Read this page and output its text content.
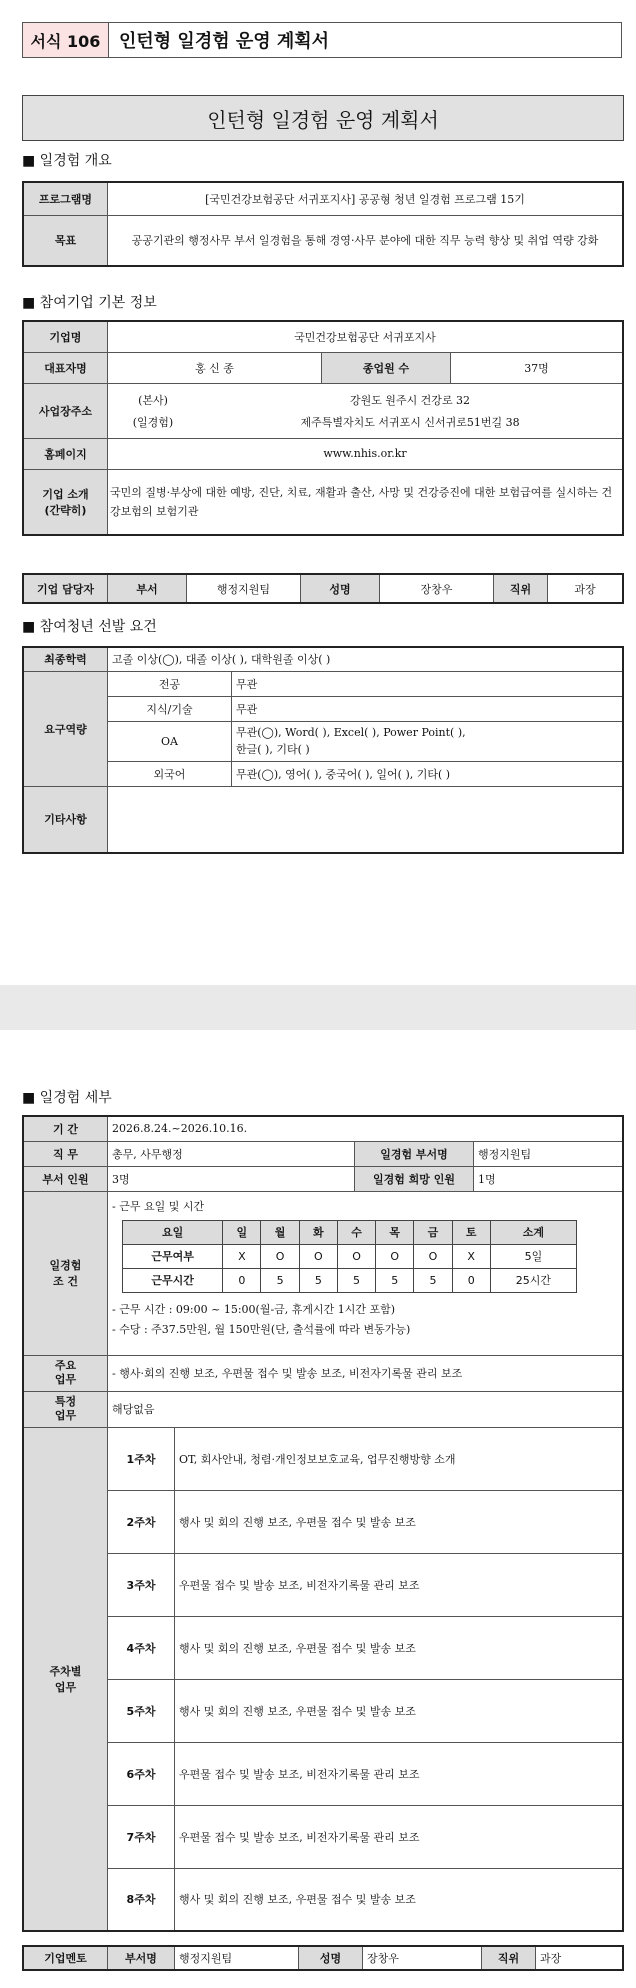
서식 106	인턴형 일경험 운영 계획서
인턴형 일경험 운영 계획서
■ 일경험 개요
프로그램명	[국민건강보험공단 서귀포지사] 공공형 청년 일경험 프로그램 15기
목표	공공기관의 행정사무 부서 일경험을 통해 경영·사무 분야에 대한 직무 능력 향상 및 취업 역량 강화
■ 참여기업 기본 정보
기업명	국민건강보험공단 서귀포지사		
대표자명	홍 신 종	종업원 수	37명
사업장주소	(본사) 강원도 원주시 건강로 32
(일경험) 제주특별자치도 서귀포시 신서귀로51번길 38		

홈페이지	www.nhis.or.kr		
기업 소개
(간략히)	국민의 질병·부상에 대한 예방, 진단, 치료, 재활과 출산, 사망 및 건강증진에 대한 보험급여를 실시하는 건강보험의 보험기관		
기업 담당자	부서	행정지원팀	성명	장창우	직위	과장
■ 참여청년 선발 요건
최종학력	고졸 이상(◯), 대졸 이상( ), 대학원졸 이상( )	
요구역량	전공	무관
	지식/기술	무관
	OA	무관(◯), Word( ), Excel( ), Power Point( ),
한글( ), 기타( )

	외국어	무관(◯), 영어( ), 중국어( ), 일어( ), 기타( )
기타사항		
■ 일경험 세부
기 간	2026.8.24.~2026.10.16.
직 무	총무, 사무행정	일경험 부서명	행정지원팀
부서 인원	3명	일경험 희망 인원	1명
일경험
조 건	
- 근무 요일 및 시간
요일	일	월	화	수	목	금	토	소계
근무여부	X	O	O	O	O	O	X	5일
근무시간	0	5	5	5	5	5	0	25시간
- 근무 시간 : 09:00 ~ 15:00(월-금, 휴게시간 1시간 포함)
- 수당 : 주37.5만원, 월 150만원(단, 출석률에 따라 변동가능)

주요
업무	- 행사·회의 진행 보조, 우편물 접수 및 발송 보조, 비전자기록물 관리 보조
특정
업무	해당없음
주차별
업무	1주차	OT, 회사안내, 청렴·개인정보보호교육, 업무진행방향 소개
2주차	행사 및 회의 진행 보조, 우편물 접수 및 발송 보조
3주차	우편물 접수 및 발송 보조, 비전자기록물 관리 보조
4주차	행사 및 회의 진행 보조, 우편물 접수 및 발송 보조
5주차	행사 및 회의 진행 보조, 우편물 접수 및 발송 보조
6주차	우편물 접수 및 발송 보조, 비전자기록물 관리 보조
7주차	우편물 접수 및 발송 보조, 비전자기록물 관리 보조
8주차	행사 및 회의 진행 보조, 우편물 접수 및 발송 보조
기업멘토	부서명	행정지원팀	성명	장창우	직위	과장
